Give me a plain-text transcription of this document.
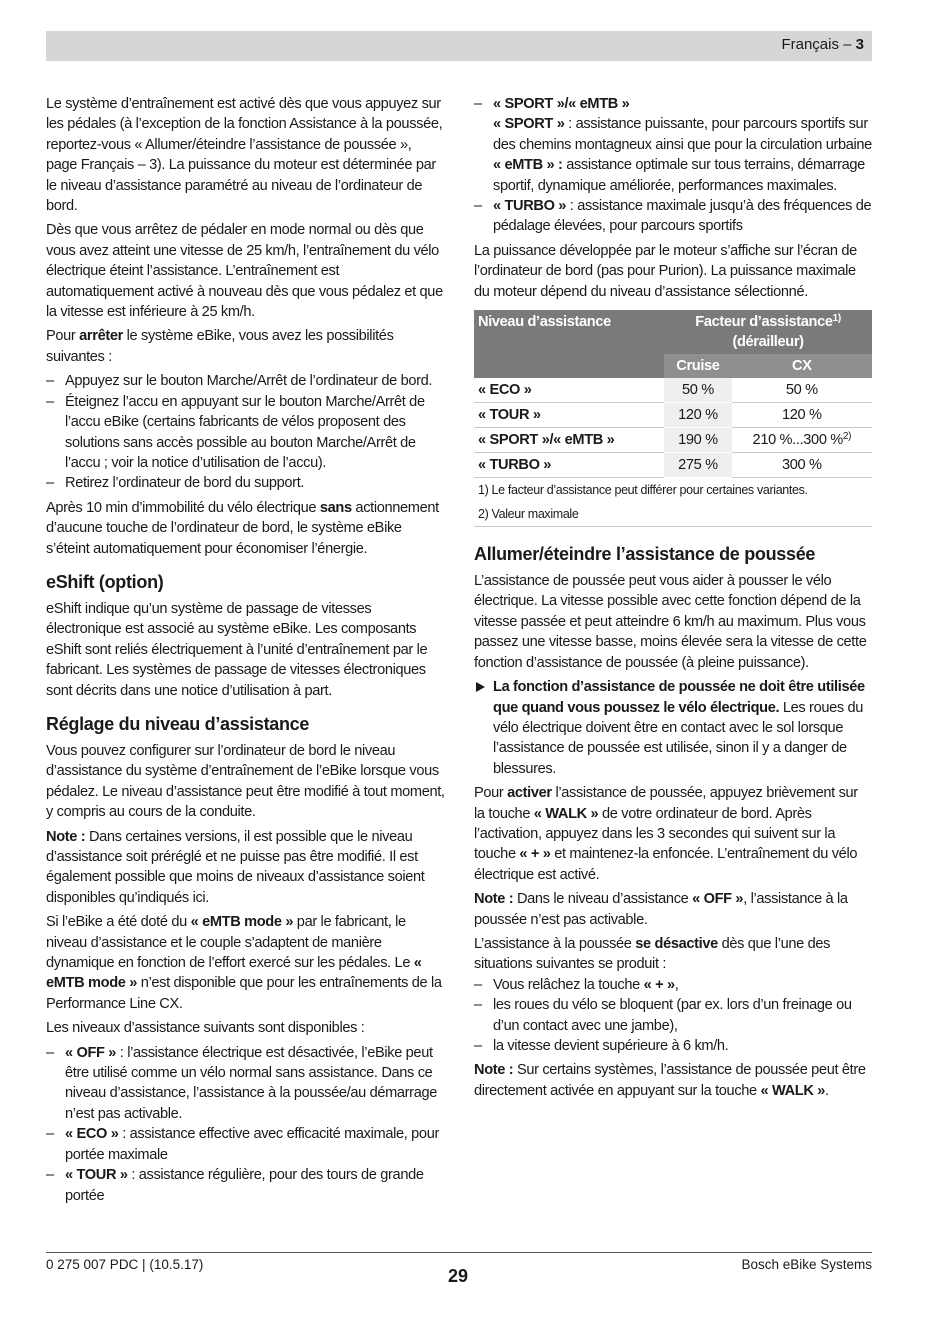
Français – 3

Le système d’entraînement est activé dès que vous appuyez sur les pédales (à l’exception de la fonction Assistance à la poussée, reportez-vous « Allumer/éteindre l’assistance de poussée », page Français – 3). La puissance du moteur est déterminée par le niveau d’assistance paramétré au niveau de l’ordinateur de bord.

Dès que vous arrêtez de pédaler en mode normal ou dès que vous avez atteint une vitesse de 25 km/h, l’entraînement du vélo électrique éteint l’assistance. L’entraînement est automatiquement activé à nouveau dès que vous pédalez et que la vitesse est inférieure à 25 km/h.

Pour arrêter le système eBike, vous avez les possibilités suivantes :

– Appuyez sur le bouton Marche/Arrêt de l’ordinateur de bord.
– Éteignez l’accu en appuyant sur le bouton Marche/Arrêt de l’accu eBike (certains fabricants de vélos proposent des solutions sans accès possible au bouton Marche/Arrêt de l’accu ; voir la notice d’utilisation de l’accu).
– Retirez l’ordinateur de bord du support.

Après 10 min d’immobilité du vélo électrique sans actionnement d’aucune touche de l’ordinateur de bord, le système eBike s’éteint automatiquement pour économiser l’énergie.

eShift (option)

eShift indique qu’un système de passage de vitesses électronique est associé au système eBike. Les composants eShift sont reliés électriquement à l’unité d’entraînement par le fabricant. Les systèmes de passage de vitesses électroniques sont décrits dans une notice d’utilisation à part.

Réglage du niveau d’assistance

Vous pouvez configurer sur l’ordinateur de bord le niveau d’assistance du système d’entraînement de l’eBike lorsque vous pédalez. Le niveau d’assistance peut être modifié à tout moment, y compris au cours de la conduite.

Note : Dans certaines versions, il est possible que le niveau d’assistance soit préréglé et ne puisse pas être modifié. Il est également possible que moins de niveaux d’assistance soient disponibles qu’indiqués ici.

Si l’eBike a été doté du « eMTB mode » par le fabricant, le niveau d’assistance et le couple s’adaptent de manière dynamique en fonction de l’effort exercé sur les pédales. Le « eMTB mode » n’est disponible que pour les entraînements de la Performance Line CX.

Les niveaux d’assistance suivants sont disponibles :

– « OFF » : l’assistance électrique est désactivée, l’eBike peut être utilisé comme un vélo normal sans assistance. Dans ce niveau d’assistance, l’assistance à la poussée/au démarrage n’est pas activable.
– « ECO » : assistance effective avec efficacité maximale, pour portée maximale
– « TOUR » : assistance régulière, pour des tours de grande portée
– « SPORT »/« eMTB »
« SPORT » : assistance puissante, pour parcours sportifs sur des chemins montagneux ainsi que pour la circulation urbaine
« eMTB » : assistance optimale sur tous terrains, démarrage sportif, dynamique améliorée, performances maximales.
– « TURBO » : assistance maximale jusqu’à des fréquences de pédalage élevées, pour parcours sportifs

La puissance développée par le moteur s’affiche sur l’écran de l’ordinateur de bord (pas pour Purion). La puissance maximale du moteur dépend du niveau d’assistance sélectionné.

Niveau d’assistance	Facteur d’assistance$^{1)}$
(dérailleur)	
	Cruise	CX
« ECO »	50 %	50 %
« TOUR »	120 %	120 %
« SPORT »/« eMTB »	190 %	210 %...300 %$^{2)}$
« TURBO »	275 %	300 %
1) Le facteur d’assistance peut différer pour certaines variantes.		
2) Valeur maximale		
Allumer/éteindre l’assistance de poussée

L’assistance de poussée peut vous aider à pousser le vélo électrique. La vitesse possible avec cette fonction dépend de la vitesse passée et peut atteindre 6 km/h au maximum. Plus vous passez une vitesse basse, moins élevée sera la vitesse de cette fonction d’assistance de poussée (à pleine puissance).

La fonction d’assistance de poussée ne doit être utilisée que quand vous poussez le vélo électrique. Les roues du vélo électrique doivent être en contact avec le sol lorsque l’assistance de poussée est utilisée, sinon il y a danger de blessures.

Pour activer l’assistance de poussée, appuyez brièvement sur la touche « WALK » de votre ordinateur de bord. Après l’activation, appuyez dans les 3 secondes qui suivent sur la touche « + » et maintenez-la enfoncée. L’entraînement du vélo électrique est activé.

Note : Dans le niveau d’assistance « OFF », l’assistance à la poussée n’est pas activable.

L’assistance à la poussée se désactive dès que l’une des situations suivantes se produit :

– Vous relâchez la touche « + »,
– les roues du vélo se bloquent (par ex. lors d’un freinage ou d’un contact avec une jambe),
– la vitesse devient supérieure à 6 km/h.

Note : Sur certains systèmes, l’assistance de poussée peut être directement activée en appuyant sur la touche « WALK ».

0 275 007 PDC | (10.5.17)
29
Bosch eBike Systems
